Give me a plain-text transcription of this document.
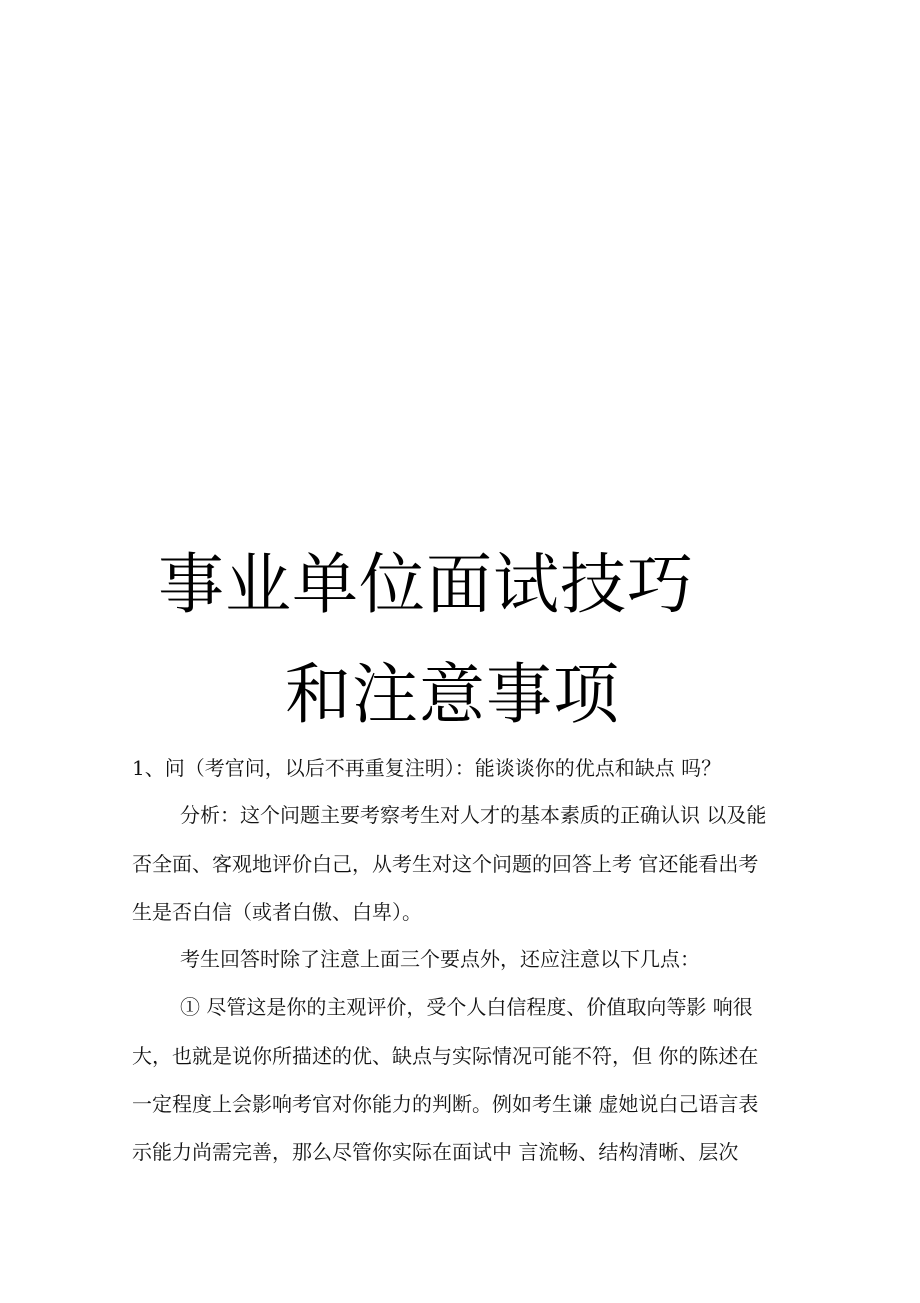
事业单位面试技巧
和注意事项
1、问（考官问，以后不再重复注明）：能谈谈你的优点和缺点 吗？
分析：这个问题主要考察考生对人才的基本素质的正确认识 以及能
否全面、客观地评价白己，从考生对这个问题的回答上考 官还能看出考
生是否白信（或者白傲、白卑）。
考生回答时除了注意上面三个要点外，还应注意以下几点：
① 尽管这是你的主观评价，受个人白信程度、价值取向等影 响很
大，也就是说你所描述的优、缺点与实际情况可能不符，但 你的陈述在
一定程度上会影响考官对你能力的判断。例如考生谦 虚她说白己语言表
示能力尚需完善，那么尽管你实际在面试中 言流畅、结构清晰、层次
